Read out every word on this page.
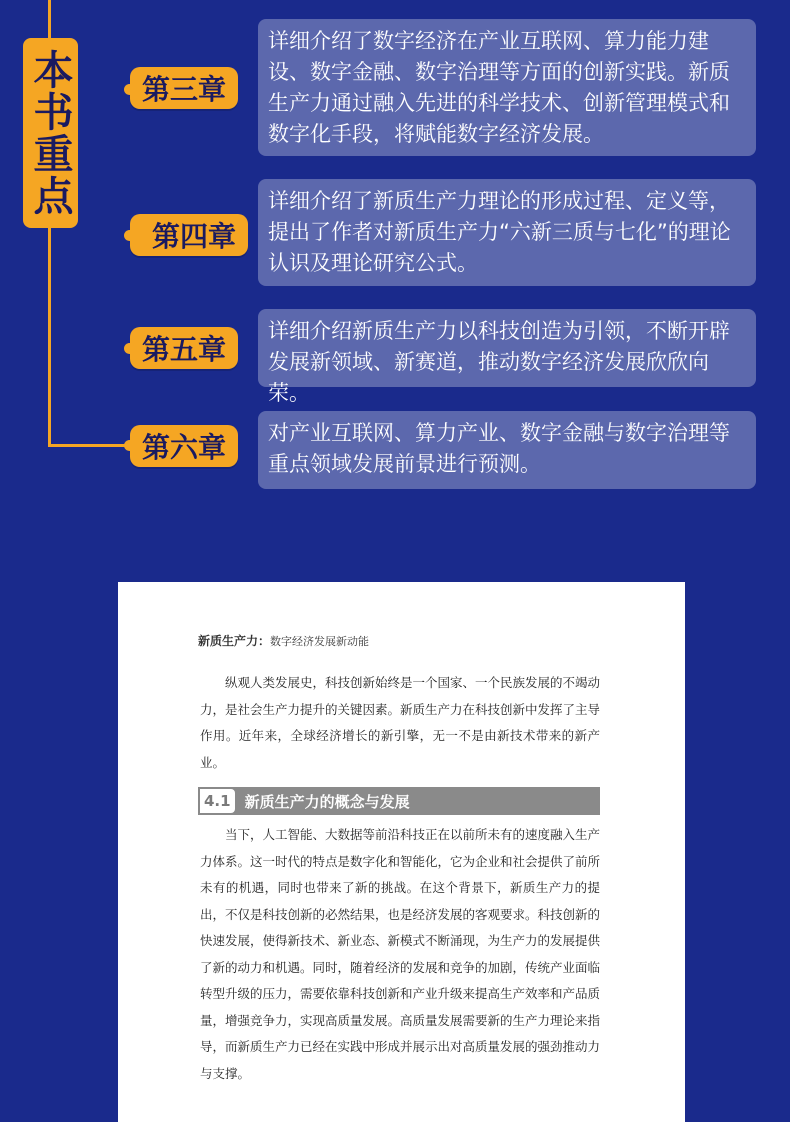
本书重点 第三章
详细介绍了数字经济在产业互联网、算力能力建设、数字金融、数字治理等方面的创新实践。新质生产力通过融入先进的科学技术、创新管理模式和数字化手段，将赋能数字经济发展。
第四章
详细介绍了新质生产力理论的形成过程、定义等，提出了作者对新质生产力“六新三质与七化”的理论认识及理论研究公式。
第五章
详细介绍新质生产力以科技创造为引领，不断开辟发展新领域、新赛道，推动数字经济发展欣欣向荣。
第六章	对产业互联网、算力产业、数字金融与数字治理等重点领域发展前景进行预测。
新质生产力：数字经济发展新动能

纵观人类发展史，科技创新始终是一个国家、一个民族发展的不竭动力，是社会生产力提升的关键因素。新质生产力在科技创新中发挥了主导作用。近年来，全球经济增长的新引擎，无一不是由新技术带来的新产业。

4.1 新质生产力的概念与发展

当下，人工智能、大数据等前沿科技正在以前所未有的速度融入生产力体系。这一时代的特点是数字化和智能化，它为企业和社会提供了前所未有的机遇，同时也带来了新的挑战。在这个背景下，新质生产力的提出，不仅是科技创新的必然结果，也是经济发展的客观要求。科技创新的快速发展，使得新技术、新业态、新模式不断涌现，为生产力的发展提供了新的动力和机遇。同时，随着经济的发展和竞争的加剧，传统产业面临转型升级的压力，需要依靠科技创新和产业升级来提高生产效率和产品质量，增强竞争力，实现高质量发展。高质量发展需要新的生产力理论来指导，而新质生产力已经在实践中形成并展示出对高质量发展的强劲推动力与支撑。
